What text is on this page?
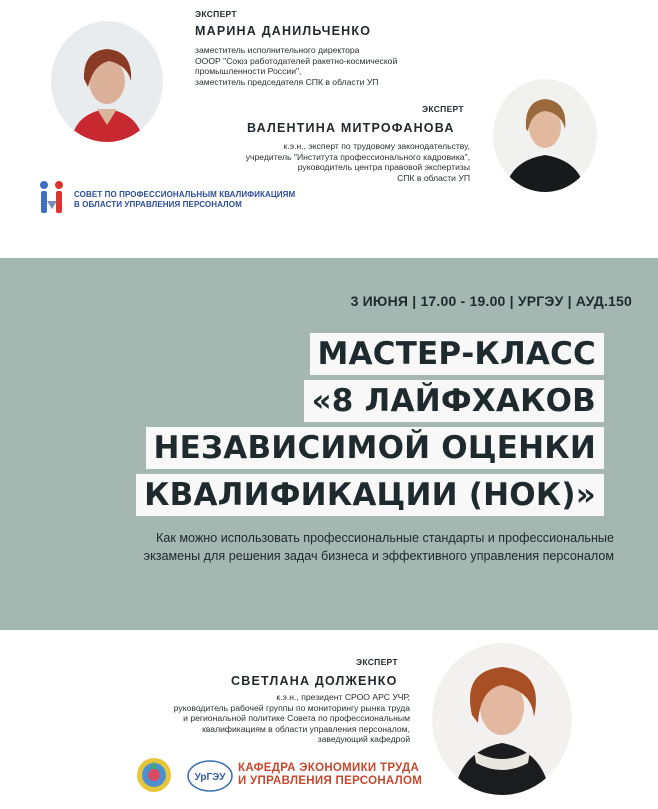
ЭКСПЕРТ
МАРИНА ДАНИЛЬЧЕНКО
заместитель исполнительного директора
ОООР "Союз работодателей ракетно-космической
промышленности России",
заместитель председателя СПК в области УП
ЭКСПЕРТ
ВАЛЕНТИНА МИТРОФАНОВА
к.э.н., эксперт по трудовому законодательству,
учредитель "Института профессионального кадровика",
руководитель центра правовой экспертизы
СПК в области УП
СОВЕТ ПО ПРОФЕССИОНАЛЬНЫМ КВАЛИФИКАЦИЯМ
В ОБЛАСТИ УПРАВЛЕНИЯ ПЕРСОНАЛОМ
3 ИЮНЯ | 17.00 - 19.00 | УРГЭУ | АУД.150
МАСТЕР-КЛАСС
«8 ЛАЙФХАКОВ
НЕЗАВИСИМОЙ ОЦЕНКИ
КВАЛИФИКАЦИИ (НОК)»
Как можно использовать профессиональные стандарты и профессиональные
экзамены для решения задач бизнеса и эффективного управления персоналом
ЭКСПЕРТ
СВЕТЛАНА ДОЛЖЕНКО
к.э.н., президент СРОО АРС УЧР,
руководитель рабочей группы по мониторингу рынка труда
и региональной политике Совета по профессиональным
квалификациям в области управления персоналом,
заведующий кафедрой
УрГЭУ
КАФЕДРА ЭКОНОМИКИ ТРУДА
И УПРАВЛЕНИЯ ПЕРСОНАЛОМ
